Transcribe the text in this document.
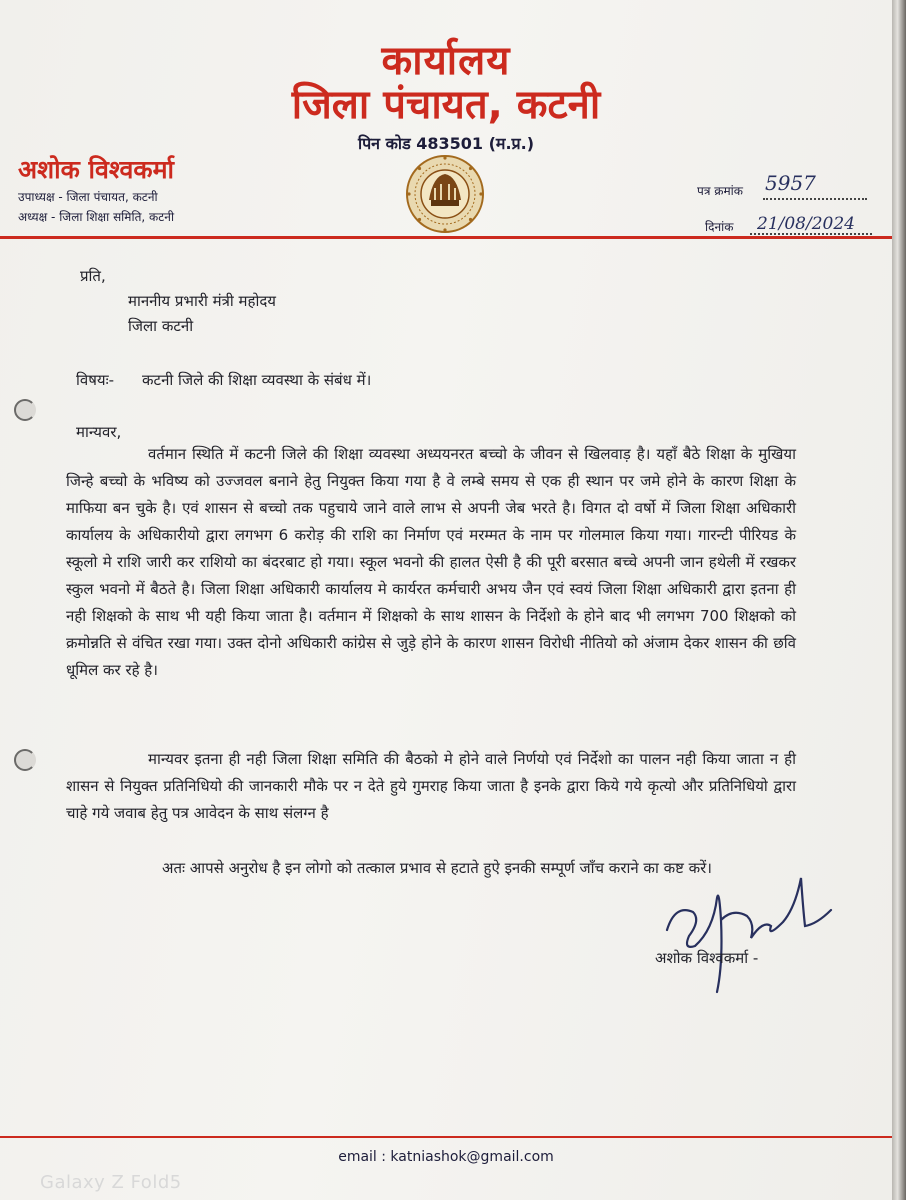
कार्यालय
जिला पंचायत, कटनी
पिन कोड 483501 (म.प्र.)
अशोक विश्वकर्मा
उपाध्यक्ष - जिला पंचायत, कटनी
अध्यक्ष - जिला शिक्षा समिति, कटनी
पत्र क्रमांक 5957
दिनांक 21/08/2024
प्रति,
माननीय प्रभारी मंत्री महोदय
जिला कटनी
विषयः- कटनी जिले की शिक्षा व्यवस्था के संबंध में।
मान्यवर,

वर्तमान स्थिति में कटनी जिले की शिक्षा व्यवस्था अध्ययनरत बच्चो के जीवन से खिलवाड़ है। यहाँ बैठे शिक्षा के मुखिया जिन्हे बच्चो के भविष्य को उज्जवल बनाने हेतु नियुक्त किया गया है वे लम्बे समय से एक ही स्थान पर जमे होने के कारण शिक्षा के माफिया बन चुके है। एवं शासन से बच्चो तक पहुचाये जाने वाले लाभ से अपनी जेब भरते है। विगत दो वर्षो में जिला शिक्षा अधिकारी कार्यालय के अधिकारीयो द्वारा लगभग 6 करोड़ की राशि का निर्माण एवं मरम्मत के नाम पर गोलमाल किया गया। गारन्टी पीरियड के स्कूलो मे राशि जारी कर राशियो का बंदरबाट हो गया। स्कूल भवनो की हालत ऐसी है की पूरी बरसात बच्चे अपनी जान हथेली में रखकर स्कुल भवनो में बैठते है। जिला शिक्षा अधिकारी कार्यालय मे कार्यरत कर्मचारी अभय जैन एवं स्वयं जिला शिक्षा अधिकारी द्वारा इतना ही नही शिक्षको के साथ भी यही किया जाता है। वर्तमान में शिक्षको के साथ शासन के निर्देशो के होने बाद भी लगभग 700 शिक्षको को क्रमोन्नति से वंचित रखा गया। उक्त दोनो अधिकारी कांग्रेस से जुड़े होने के कारण शासन विरोधी नीतियो को अंजाम देकर शासन की छवि धूमिल कर रहे है।

मान्यवर इतना ही नही जिला शिक्षा समिति की बैठको मे होने वाले निर्णयो एवं निर्देशो का पालन नही किया जाता न ही शासन से नियुक्त प्रतिनिधियो की जानकारी मौके पर न देते हुये गुमराह किया जाता है इनके द्वारा किये गये कृत्यो और प्रतिनिधियो द्वारा चाहे गये जवाब हेतु पत्र आवेदन के साथ संलग्न है

अतः आपसे अनुरोध है इन लोगो को तत्काल प्रभाव से हटाते हुऐ इनकी सम्पूर्ण जाँच कराने का कष्ट करें।

अशोक विश्वकर्मा -
email : katniashok@gmail.com
Galaxy Z Fold5
